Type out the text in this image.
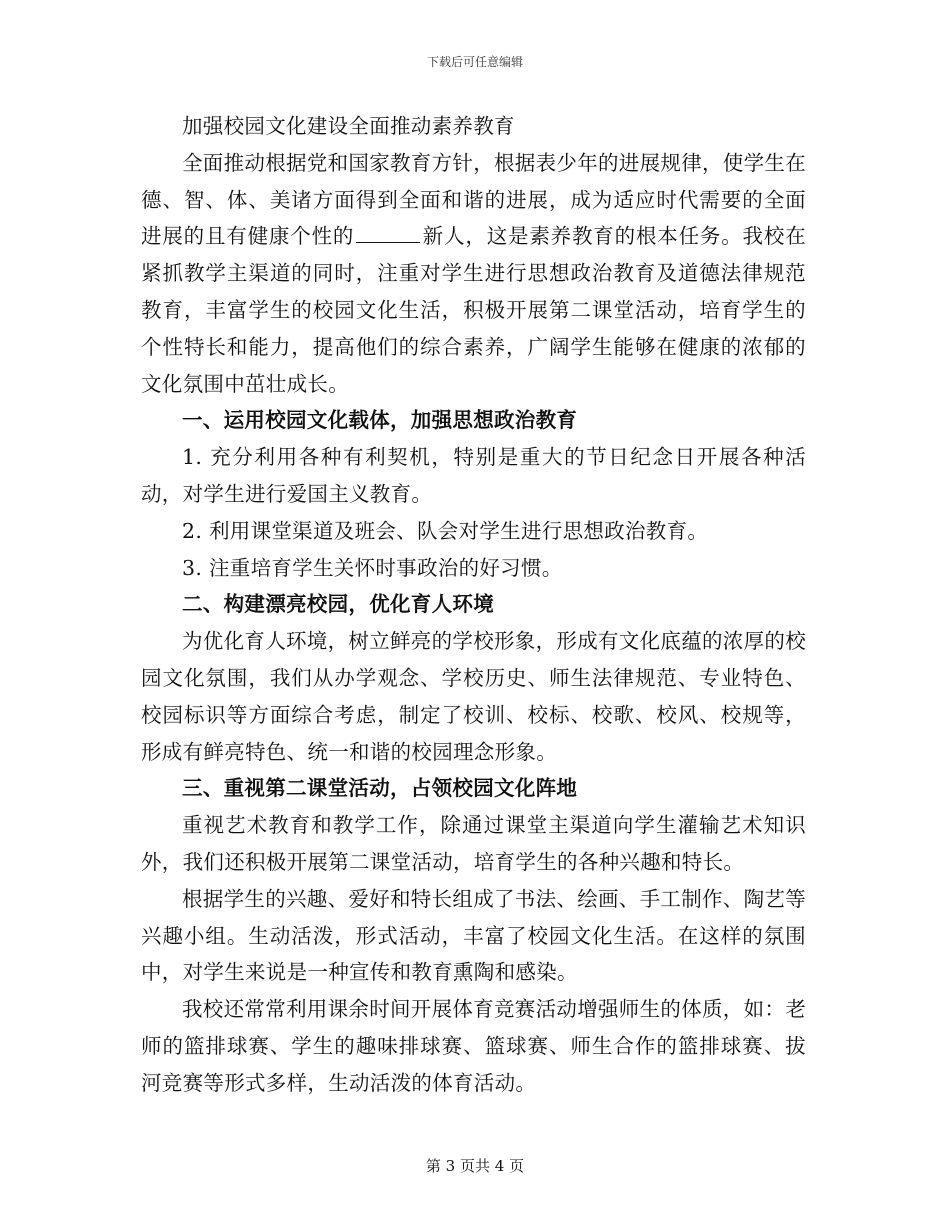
下载后可任意编辑

加强校园文化建设全面推动素养教育

全面推动根据党和国家教育方针，根据表少年的进展规律，使学生在德、智、体、美诸方面得到全面和谐的进展，成为适应时代需要的全面进展的且有健康个性的	新人，这是素养教育的根本任务。我校在紧抓教学主渠道的同时，注重对学生进行思想政治教育及道德法律规范教育，丰富学生的校园文化生活，积极开展第二课堂活动，培育学生的个性特长和能力，提高他们的综合素养，广阔学生能够在健康的浓郁的文化氛围中茁壮成长。

一、运用校园文化载体，加强思想政治教育

1. 充分利用各种有利契机，特别是重大的节日纪念日开展各种活动，对学生进行爱国主义教育。

2. 利用课堂渠道及班会、队会对学生进行思想政治教育。

3. 注重培育学生关怀时事政治的好习惯。

二、构建漂亮校园，优化育人环境

为优化育人环境，树立鲜亮的学校形象，形成有文化底蕴的浓厚的校园文化氛围，我们从办学观念、学校历史、师生法律规范、专业特色、校园标识等方面综合考虑，制定了校训、校标、校歌、校风、校规等，形成有鲜亮特色、统一和谐的校园理念形象。

三、重视第二课堂活动，占领校园文化阵地

重视艺术教育和教学工作，除通过课堂主渠道向学生灌输艺术知识外，我们还积极开展第二课堂活动，培育学生的各种兴趣和特长。

根据学生的兴趣、爱好和特长组成了书法、绘画、手工制作、陶艺等兴趣小组。生动活泼，形式活动，丰富了校园文化生活。在这样的氛围中，对学生来说是一种宣传和教育熏陶和感染。

我校还常常利用课余时间开展体育竞赛活动增强师生的体质，如：老师的篮排球赛、学生的趣味排球赛、篮球赛、师生合作的篮排球赛、拔河竞赛等形式多样，生动活泼的体育活动。

第 3 页共 4 页
